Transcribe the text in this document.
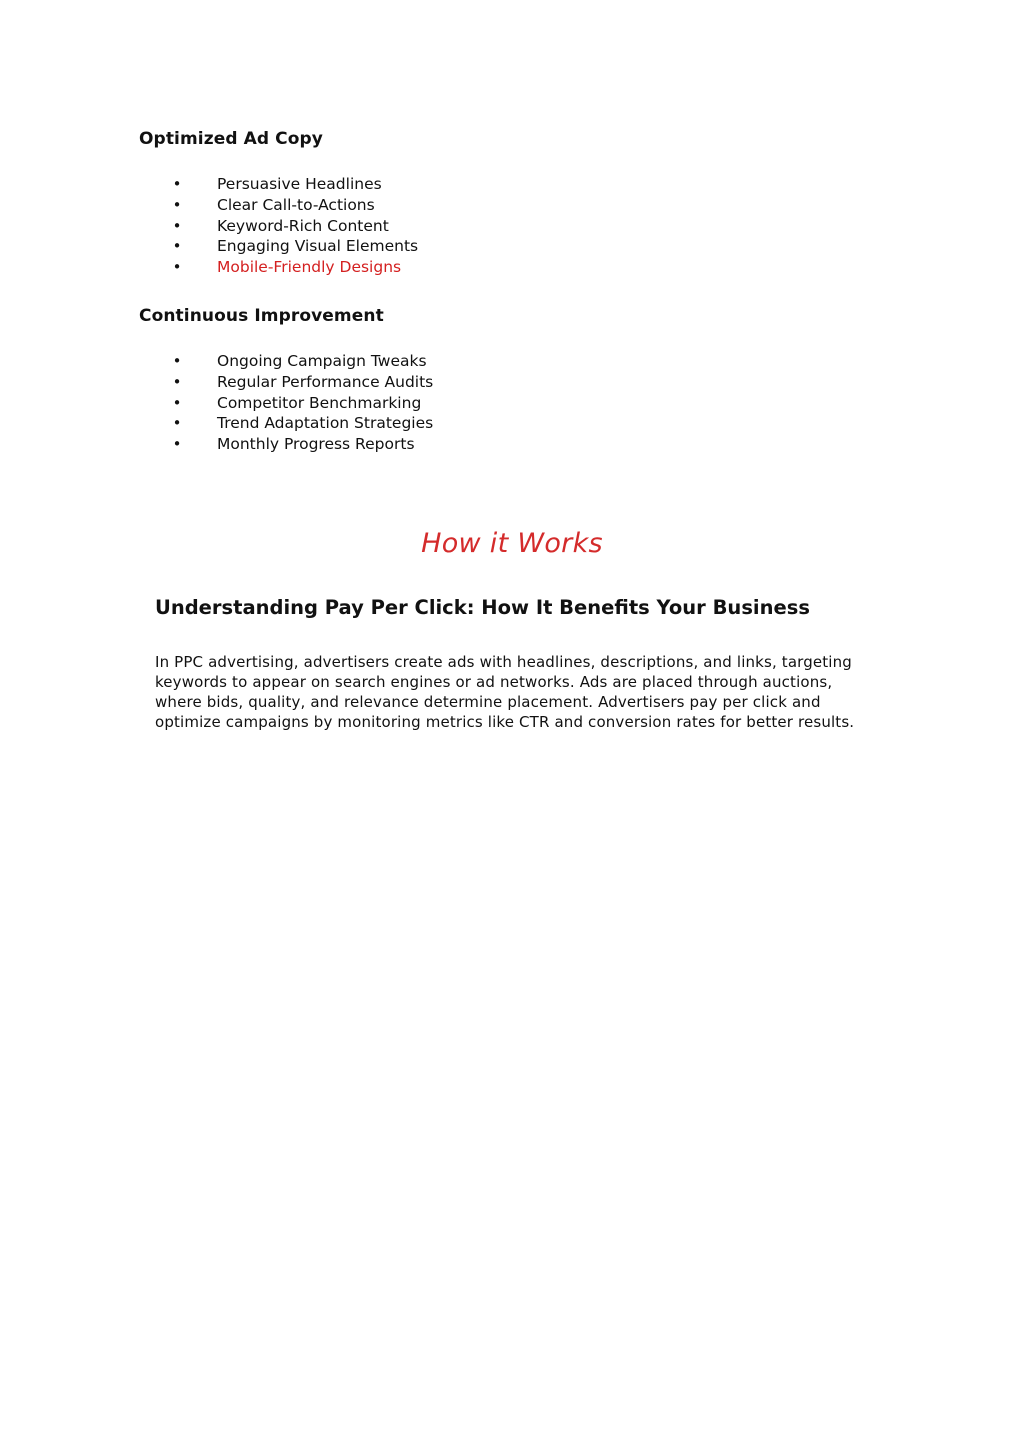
Optimized Ad Copy
• Persuasive Headlines
• Clear Call-to-Actions
• Keyword-Rich Content
• Engaging Visual Elements
• Mobile-Friendly Designs
Continuous Improvement
• Ongoing Campaign Tweaks
• Regular Performance Audits
• Competitor Benchmarking
• Trend Adaptation Strategies
• Monthly Progress Reports
How it Works
Understanding Pay Per Click: How It Benefits Your Business

In PPC advertising, advertisers create ads with headlines, descriptions, and links, targeting keywords to appear on search engines or ad networks. Ads are placed through auctions, where bids, quality, and relevance determine placement. Advertisers pay per click and optimize campaigns by monitoring metrics like CTR and conversion rates for better results.
